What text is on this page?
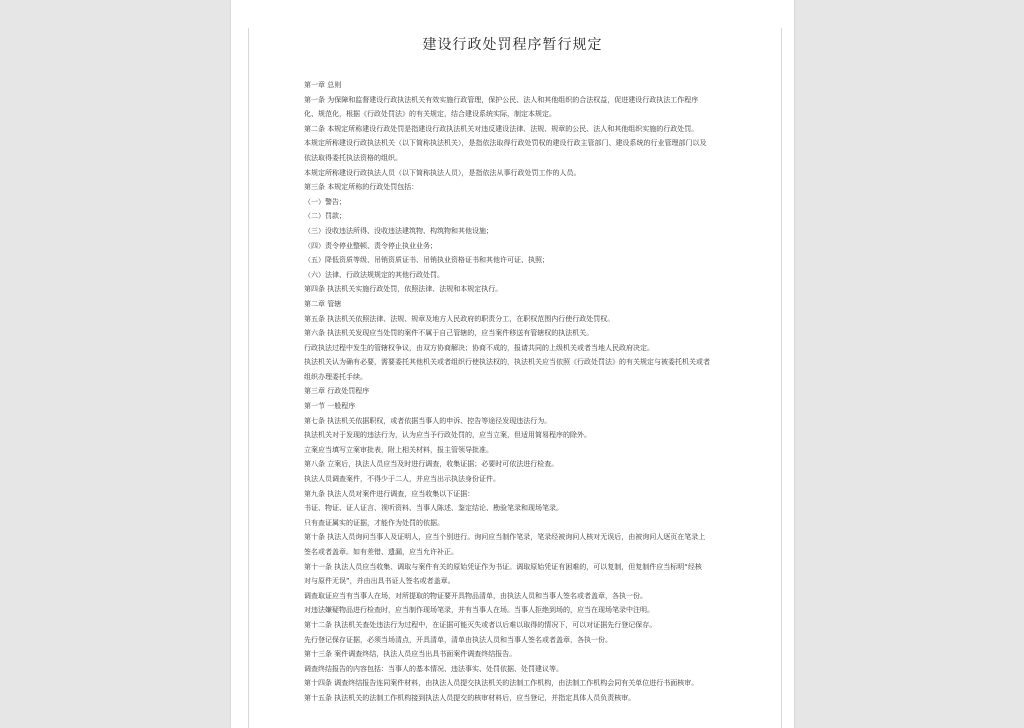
建设行政处罚程序暂行规定
第一章 总则
第一条 为保障和监督建设行政执法机关有效实施行政管理，保护公民、法人和其他组织的合法权益，促进建设行政执法工作程序
化、规范化，根据《行政处罚法》的有关规定，结合建设系统实际，制定本规定。
第二条 本规定所称建设行政处罚是指建设行政执法机关对违反建设法律、法规、规章的公民、法人和其他组织实施的行政处罚。
本规定所称建设行政执法机关（以下简称执法机关），是指依法取得行政处罚权的建设行政主管部门、建设系统的行业管理部门以及
依法取得委托执法资格的组织。
本规定所称建设行政执法人员（以下简称执法人员），是指依法从事行政处罚工作的人员。
第三条 本规定所称的行政处罚包括：
（一）警告；
（二）罚款；
（三）没收违法所得、没收违法建筑物、构筑物和其他设施；
（四）责令停业整顿、责令停止执业业务；
（五）降低资质等级、吊销资质证书、吊销执业资格证书和其他许可证、执照；
（六）法律、行政法规规定的其他行政处罚。
第四条 执法机关实施行政处罚，依照法律、法规和本规定执行。
第二章 管辖
第五条 执法机关依照法律、法规、规章及地方人民政府的职责分工，在职权范围内行使行政处罚权。
第六条 执法机关发现应当处罚的案件不属于自己管辖的，应当案件移送有管辖权的执法机关。
行政执法过程中发生的管辖权争议，由双方协商解决；协商不成的，报请共同的上级机关或者当地人民政府决定。
执法机关认为确有必要，需要委托其他机关或者组织行使执法权的，执法机关应当依照《行政处罚法》的有关规定与被委托机关或者
组织办理委托手续。
第三章 行政处罚程序
第一节 一般程序
第七条 执法机关依据职权，或者依据当事人的申诉、控告等途径发现违法行为。
执法机关对于发现的违法行为，认为应当予行政处罚的，应当立案，但适用简易程序的除外。
立案应当填写立案审批表，附上相关材料，报主管领导批准。
第八条 立案后，执法人员应当及时进行调查，收集证据；必要时可依法进行检查。
执法人员调查案件，不得少于二人，并应当出示执法身份证件。
第九条 执法人员对案件进行调查，应当收集以下证据：
书证、物证、证人证言、视听资料、当事人陈述、鉴定结论、勘验笔录和现场笔录。
只有查证属实的证据，才能作为处罚的依据。
第十条 执法人员询问当事人及证明人，应当个别进行。询问应当制作笔录，笔录经被询问人核对无误后，由被询问人逐页在笔录上
签名或者盖章。如有差错、遗漏，应当允许补正。
第十一条 执法人员应当收集、调取与案件有关的原始凭证作为书证。调取原始凭证有困难的，可以复制，但复制件应当标明“经核
对与原件无误”，并由出具书证人签名或者盖章。
调查取证应当有当事人在场，对所提取的物证要开具物品清单，由执法人员和当事人签名或者盖章，各执一份。
对违法嫌疑物品进行检查时，应当制作现场笔录，并有当事人在场。当事人拒绝到场的，应当在现场笔录中注明。
第十二条 执法机关查处违法行为过程中，在证据可能灭失或者以后难以取得的情况下，可以对证据先行登记保存。
先行登记保存证据，必须当场清点，开具清单，清单由执法人员和当事人签名或者盖章，各执一份。
第十三条 案件调查终结，执法人员应当出具书面案件调查终结报告。
调查终结报告的内容包括：当事人的基本情况、违法事实、处罚依据、处罚建议等。
第十四条 调查终结报告连同案件材料，由执法人员提交执法机关的法制工作机构，由法制工作机构会同有关单位进行书面核审。
第十五条 执法机关的法制工作机构接到执法人员提交的核审材料后，应当登记，并指定具体人员负责核审。
